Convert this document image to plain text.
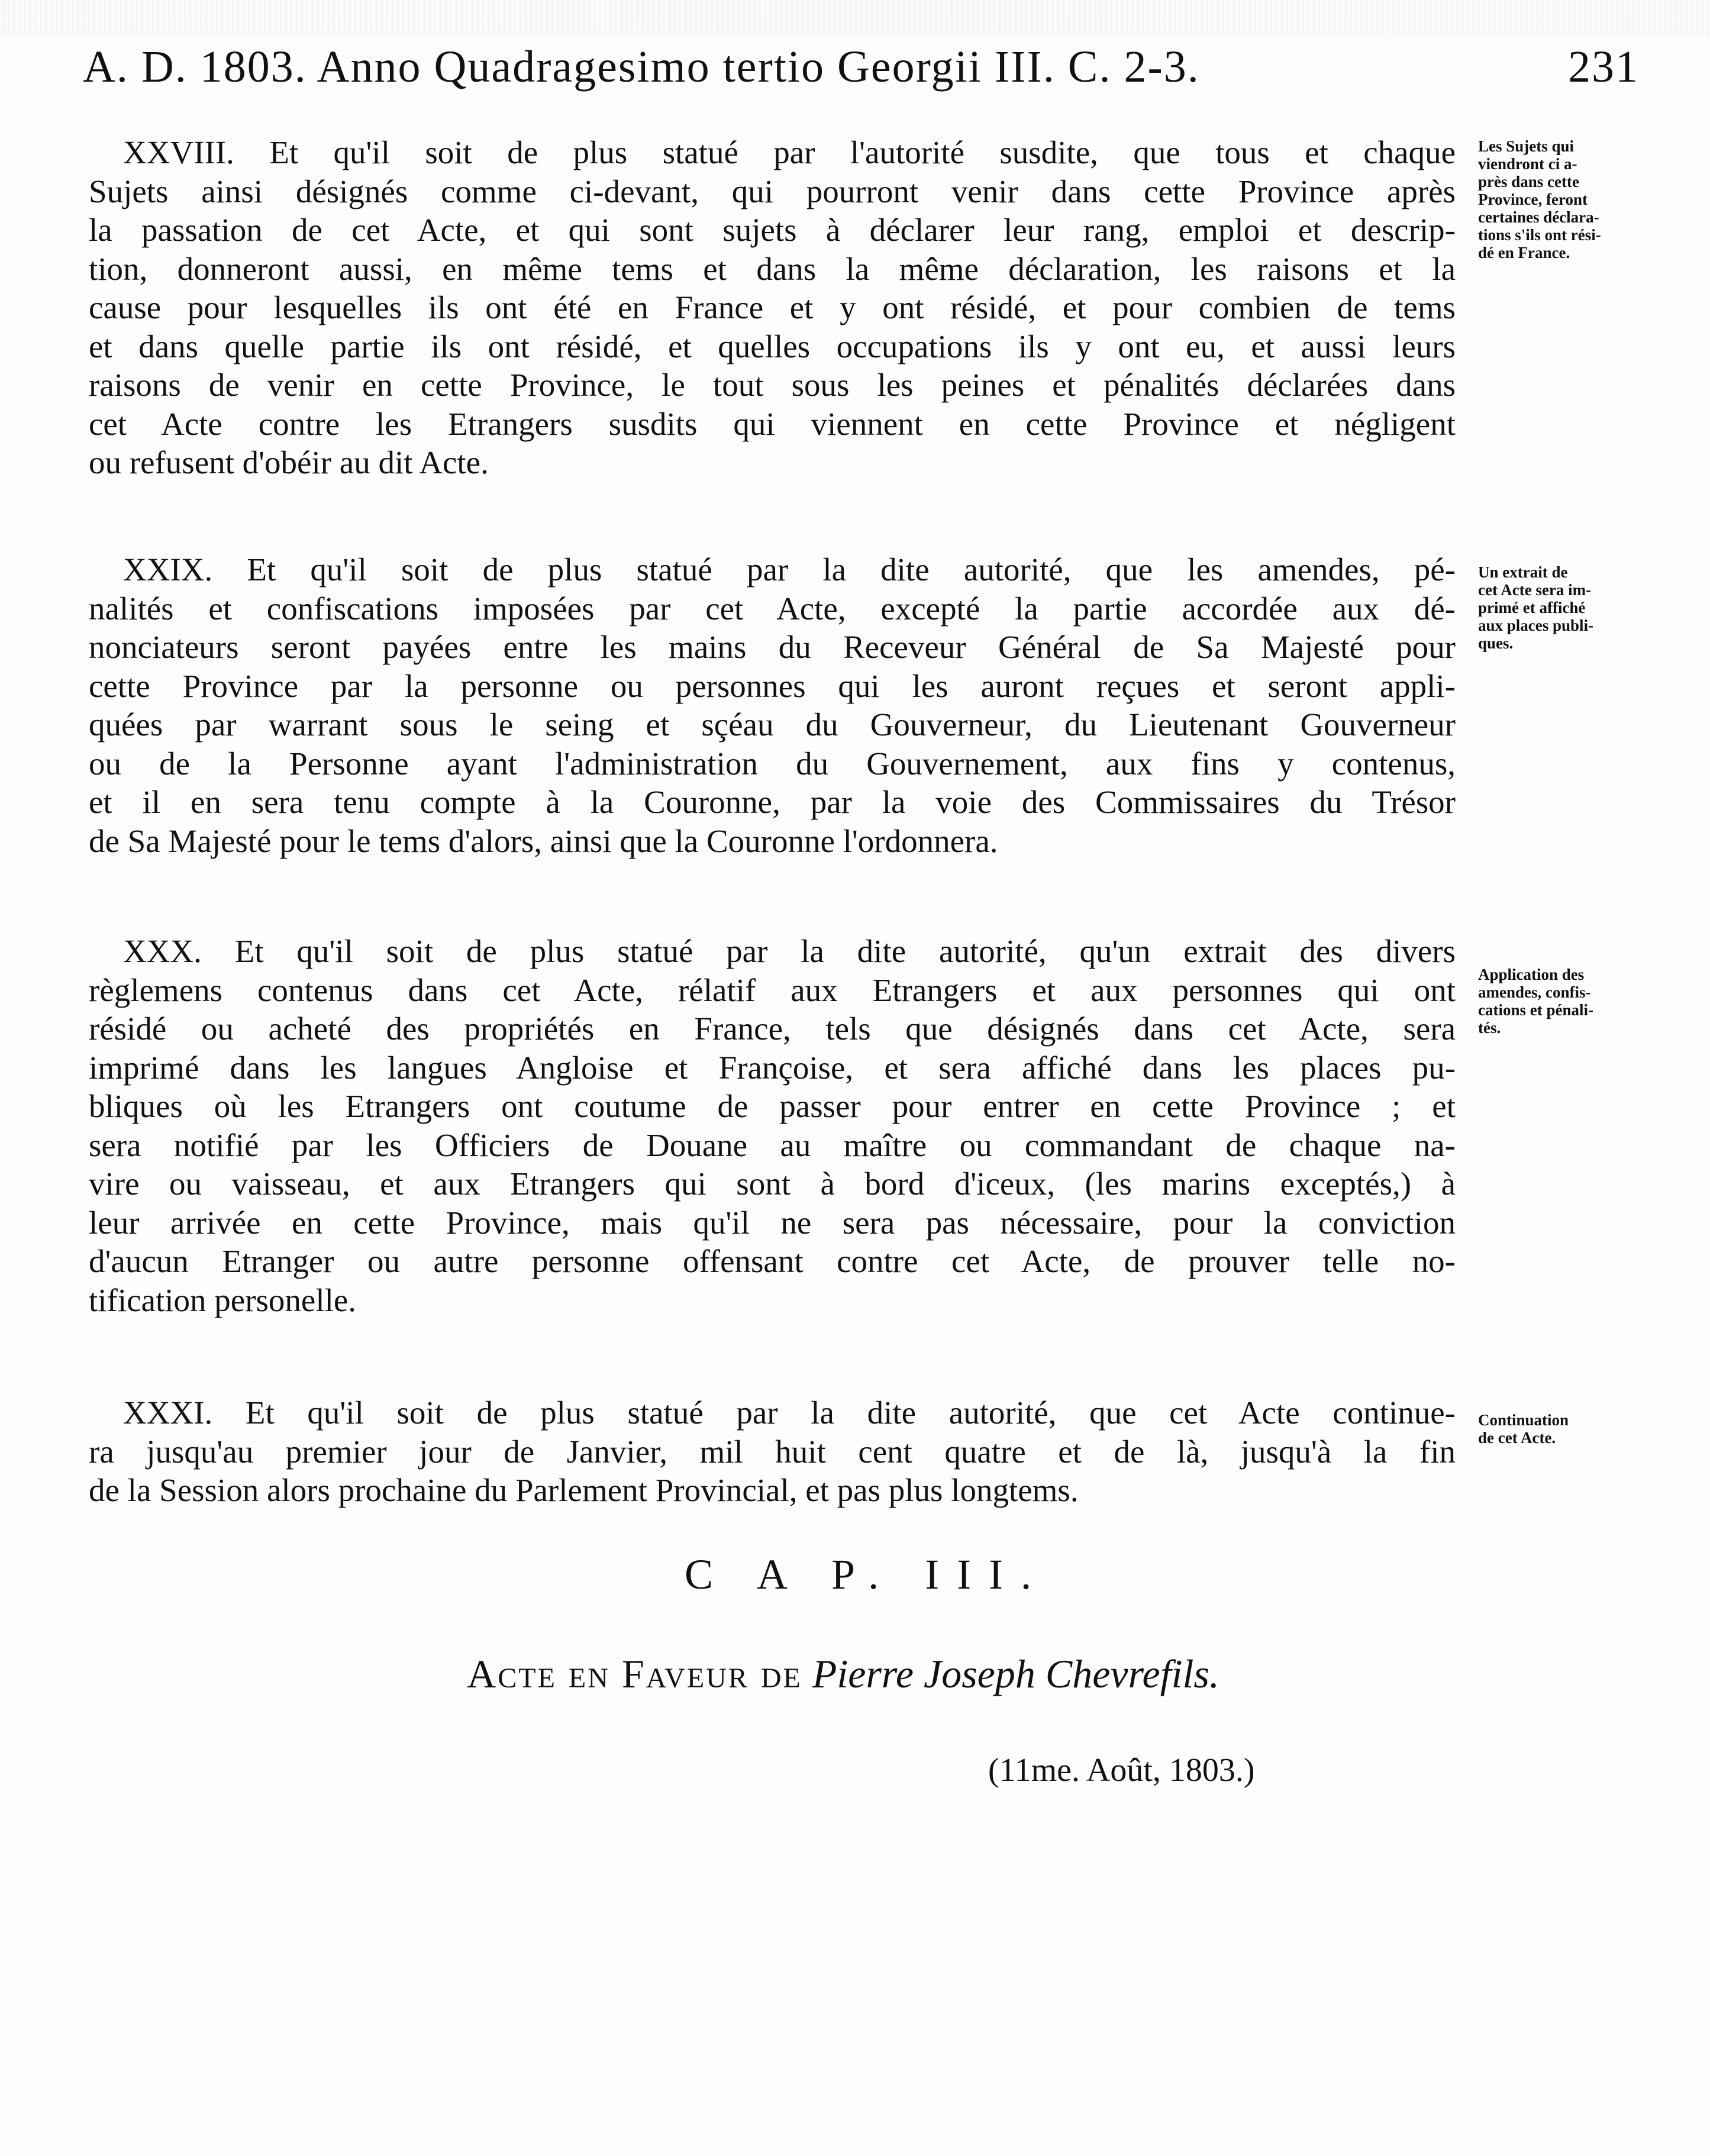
A. D. 1803. Anno Quadragesimo tertio Georgii III. C. 2-3.	231
XXVIII. Et qu'il soit de plus statué par l'autorité susdite, que tous et chaque
Sujets ainsi désignés comme ci-devant, qui pourront venir dans cette Province après
la passation de cet Acte, et qui sont sujets à déclarer leur rang, emploi et descrip-
tion, donneront aussi, en même tems et dans la même déclaration, les raisons et la
cause pour lesquelles ils ont été en France et y ont résidé, et pour combien de tems
et dans quelle partie ils ont résidé, et quelles occupations ils y ont eu, et aussi leurs
raisons de venir en cette Province, le tout sous les peines et pénalités déclarées dans
cet Acte contre les Etrangers susdits qui viennent en cette Province et négligent
ou refusent d'obéir au dit Acte.
Les Sujets qui
viendront ci a-
près dans cette
Province, feront
certaines déclara-
tions s'ils ont rési-
dé en France.
XXIX. Et qu'il soit de plus statué par la dite autorité, que les amendes, pé-
nalités et confiscations imposées par cet Acte, excepté la partie accordée aux dé-
nonciateurs seront payées entre les mains du Receveur Général de Sa Majesté pour
cette Province par la personne ou personnes qui les auront reçues et seront appli-
quées par warrant sous le seing et sçéau du Gouverneur, du Lieutenant Gouverneur
ou de la Personne ayant l'administration du Gouvernement, aux fins y contenus,
et il en sera tenu compte à la Couronne, par la voie des Commissaires du Trésor
de Sa Majesté pour le tems d'alors, ainsi que la Couronne l'ordonnera.
Un extrait de
cet Acte sera im-
primé et affiché
aux places publi-
ques.
XXX. Et qu'il soit de plus statué par la dite autorité, qu'un extrait des divers
règlemens contenus dans cet Acte, rélatif aux Etrangers et aux personnes qui ont
résidé ou acheté des propriétés en France, tels que désignés dans cet Acte, sera
imprimé dans les langues Angloise et Françoise, et sera affiché dans les places pu-
bliques où les Etrangers ont coutume de passer pour entrer en cette Province ; et
sera notifié par les Officiers de Douane au maître ou commandant de chaque na-
vire ou vaisseau, et aux Etrangers qui sont à bord d'iceux, (les marins exceptés,) à
leur arrivée en cette Province, mais qu'il ne sera pas nécessaire, pour la conviction
d'aucun Etranger ou autre personne offensant contre cet Acte, de prouver telle no-
tification personelle.
Application des
amendes, confis-
cations et pénali-
tés.
XXXI. Et qu'il soit de plus statué par la dite autorité, que cet Acte continue-
ra jusqu'au premier jour de Janvier, mil huit cent quatre et de là, jusqu'à la fin
de la Session alors prochaine du Parlement Provincial, et pas plus longtems.
Continuation
de cet Acte.
C A P. III.
Acte en Faveur de Pierre Joseph Chevrefils.
(11me. Août, 1803.)
